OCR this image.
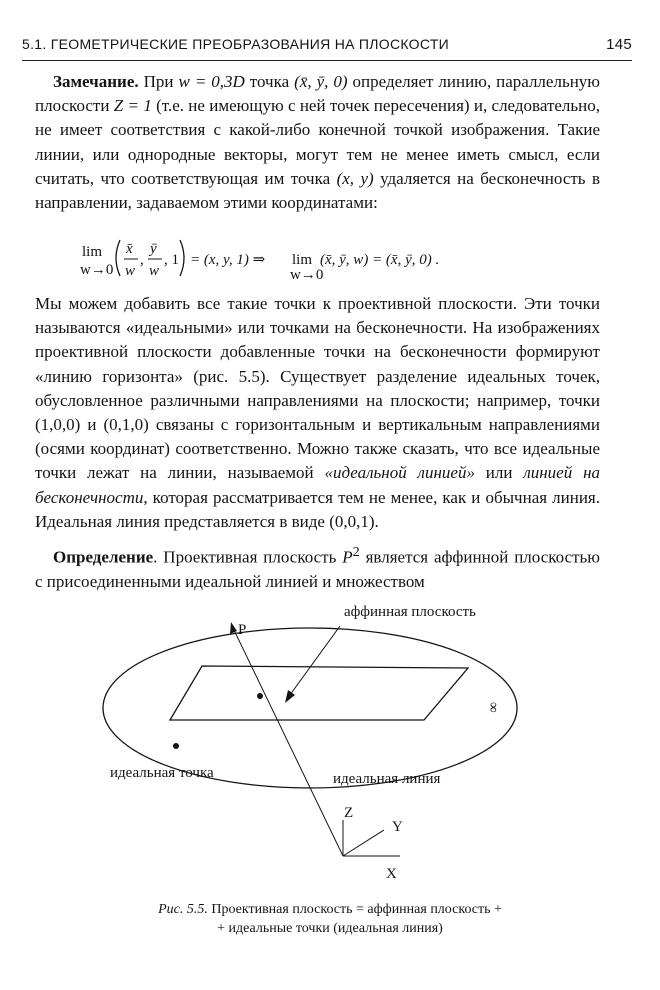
5.1. ГЕОМЕТРИЧЕСКИЕ ПРЕОБРАЗОВАНИЯ НА ПЛОСКОСТИ	145
Замечание. При w = 0,3D точка (x̄, ȳ, 0) определяет линию, параллельную плоскости Z = 1 (т.е. не имеющую с ней точек пересечения) и, следовательно, не имеет соответствия с какой-либо конечной точкой изображения. Такие линии, или однородные векторы, могут тем не менее иметь смысл, если считать, что соответствующая им точка (x, y) удаляется на бесконечность в направлении, задаваемом этими координатами:
lim
w→0
x̄
w
,
ȳ
w
, 1 = (x, y, 1) ⇒ lim
w→0
(x̄, ȳ, w) = (x̄, ȳ, 0) .
Мы можем добавить все такие точки к проективной плоскости. Эти точки называются «идеальными» или точками на бесконечности. На изображениях проективной плоскости добавленные точки на бесконечности формируют «линию горизонта» (рис. 5.5). Существует разделение идеальных точек, обусловленное различными направлениями на плоскости; например, точки (1,0,0) и (0,1,0) связаны с горизонтальным и вертикальным направлениями (осями координат) соответственно. Можно также сказать, что все идеальные точки лежат на линии, называемой «идеальной линией» или линией на бесконечности, которая рассматривается тем не менее, как и обычная линия. Идеальная линия представляется в виде (0,0,1).
Определение. Проективная плоскость $P^2$ является аффинной плоскостью с присоединенными идеальной линией и множеством
аффинная плоскость
P
∞
идеальная точка	идеальная линия
Z
Y
X
Рис. 5.5. Проективная плоскость = аффинная плоскость +
+ идеальные точки (идеальная линия)
